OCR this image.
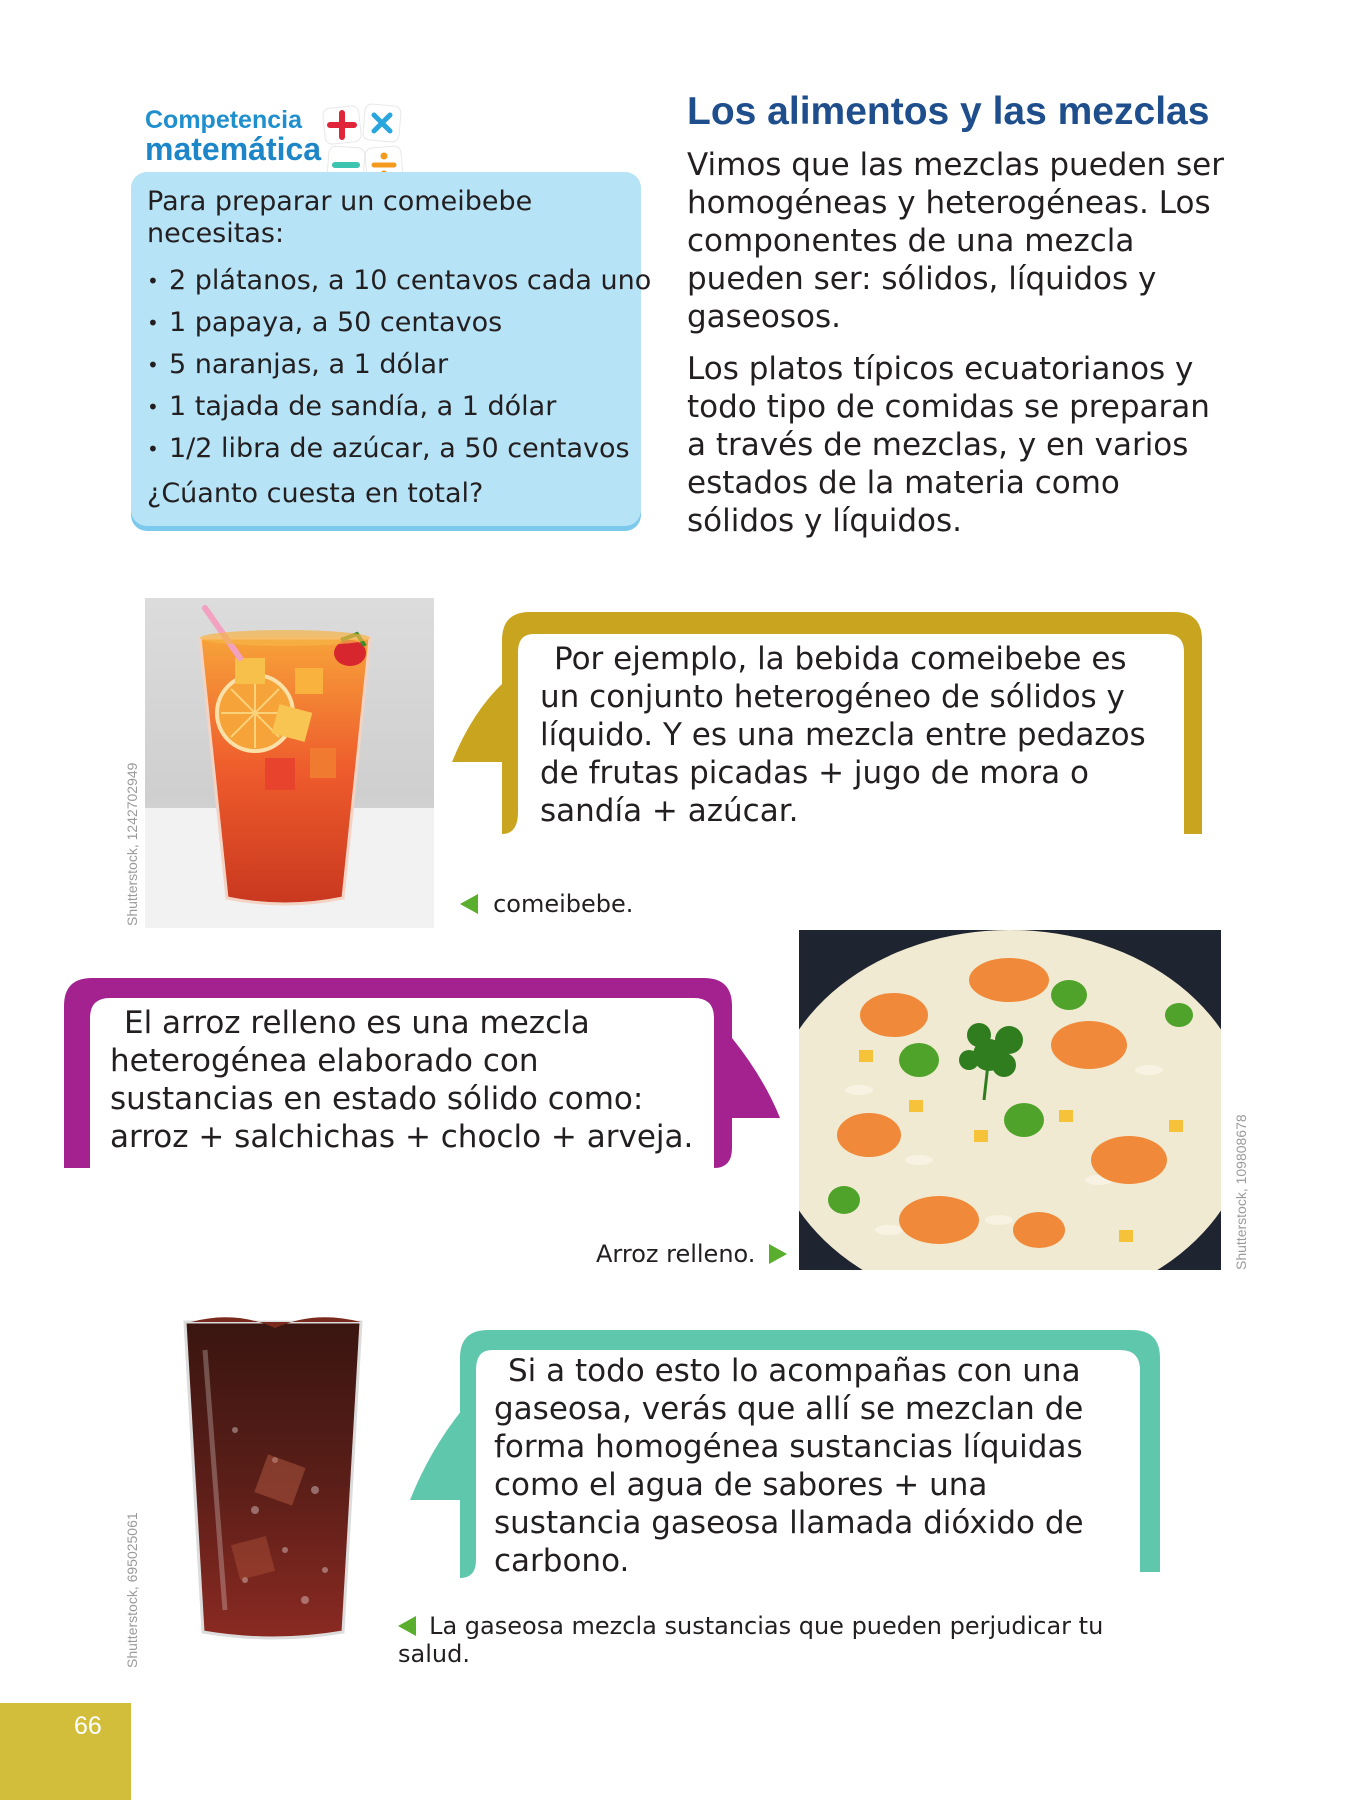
Competencia
matemática
Para preparar un comeibebe necesitas:
• 2 plátanos, a 10 centavos cada uno
• 1 papaya, a 50 centavos
• 5 naranjas, a 1 dólar
• 1 tajada de sandía, a 1 dólar
• 1/2 libra de azúcar, a 50 centavos
¿Cúanto cuesta en total?
Los alimentos y las mezclas

Vimos que las mezclas pueden ser homogéneas y heterogéneas. Los componentes de una mezcla pueden ser: sólidos, líquidos y gaseosos.

Los platos típicos ecuatorianos y todo tipo de comidas se preparan a través de mezclas, y en varios estados de la materia como sólidos y líquidos.

Shutterstock, 1242702949
Por ejemplo, la bebida comeibebe es un conjunto heterogéneo de sólidos y líquido. Y es una mezcla entre pedazos de frutas picadas + jugo de mora o sandía + azúcar.
comeibebe.
El arroz relleno es una mezcla heterogénea elaborado con sustancias en estado sólido como: arroz + salchichas + choclo + arveja.	Shutterstock, 109808678
Arroz relleno.
Shutterstock, 695025061
Si a todo esto lo acompañas con una gaseosa, verás que allí se mezclan de forma homogénea sustancias líquidas como el agua de sabores + una sustancia gaseosa llamada dióxido de carbono.
La gaseosa mezcla sustancias que pueden perjudicar tu salud.
66
